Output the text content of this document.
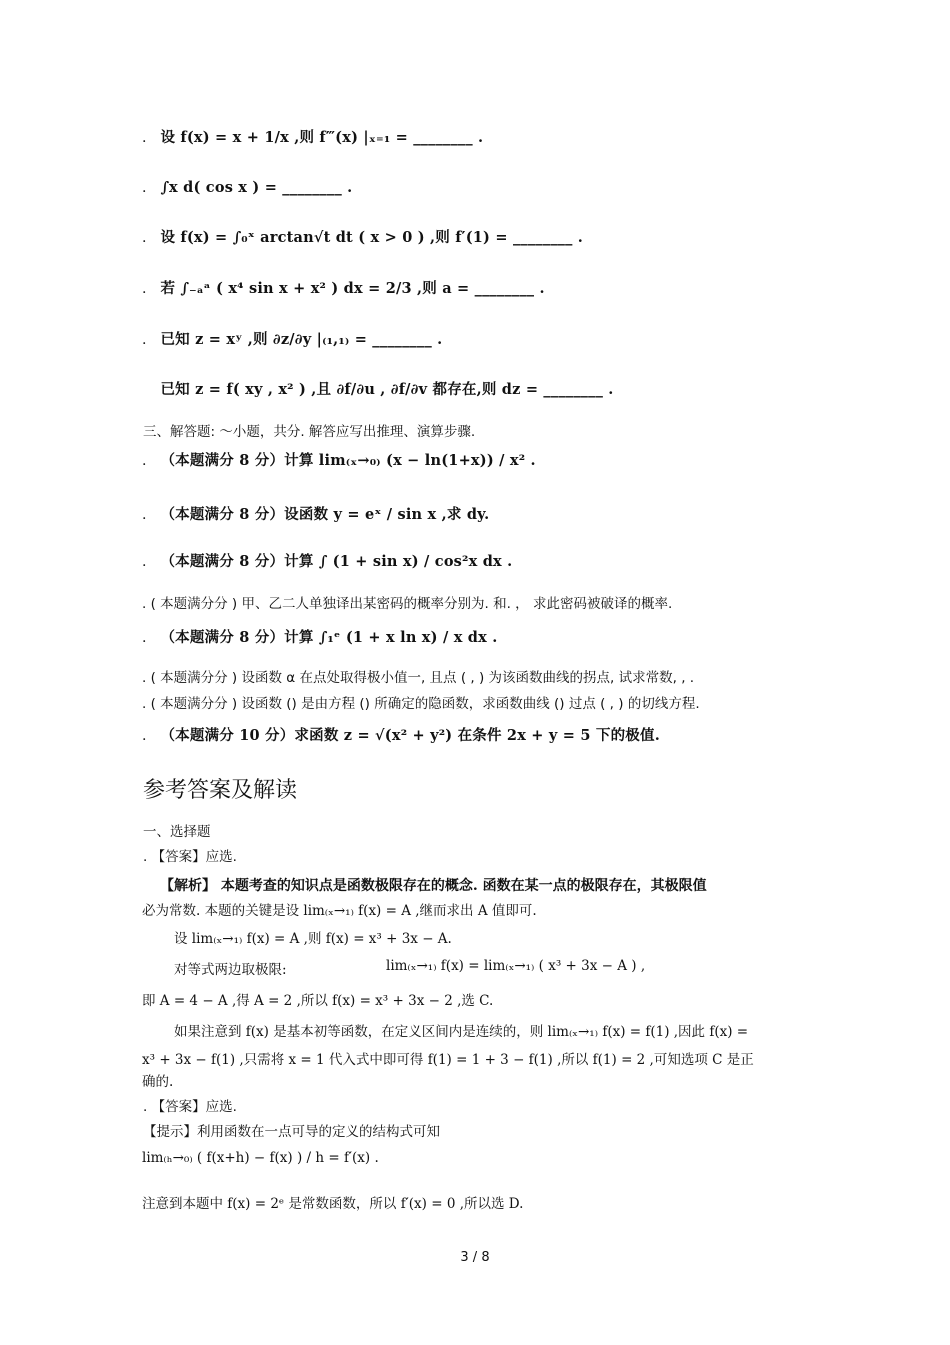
. 设 f(x) = x + 1/x ,则 f‴(x) |ₓ₌₁ = ________ .
. ∫x d( cos x ) = ________ .
. 设 f(x) = ∫₀ˣ arctan√t dt ( x > 0 ) ,则 f′(1) = ________ .
. 若 ∫₋ₐᵃ ( x⁴ sin x + x² ) dx = 2/3 ,则 a = ________ .
. 已知 z = xʸ ,则 ∂z/∂y |₍₁,₁₎ = ________ .
已知 z = f( xy , x² ) ,且 ∂f/∂u , ∂f/∂v 都存在,则 dz = ________ .
三、解答题: ～小题，共分. 解答应写出推理、演算步骤.
. （本题满分 8 分）计算 lim₍ₓ→₀₎ (x − ln(1+x)) / x² .
. （本题满分 8 分）设函数 y = eˣ / sin x ,求 dy.
. （本题满分 8 分）计算 ∫ (1 + sin x) / cos²x dx .
. ( 本题满分分 ) 甲、乙二人单独译出某密码的概率分别为. 和. ， 求此密码被破译的概率.
. （本题满分 8 分）计算 ∫₁ᵉ (1 + x ln x) / x dx .
. ( 本题满分分 ) 设函数 α 在点处取得极小值一, 且点 ( , ) 为该函数曲线的拐点, 试求常数, , .
. ( 本题满分分 ) 设函数 () 是由方程 () 所确定的隐函数，求函数曲线 () 过点 ( , ) 的切线方程.
. （本题满分 10 分）求函数 z = √(x² + y²) 在条件 2x + y = 5 下的极值.
参考答案及解读
一、选择题
. 【答案】应选.
【解析】 本题考查的知识点是函数极限存在的概念. 函数在某一点的极限存在，其极限值
必为常数. 本题的关键是设 lim₍ₓ→₁₎ f(x) = A ,继而求出 A 值即可.
设 lim₍ₓ→₁₎ f(x) = A ,则 f(x) = x³ + 3x − A.
对等式两边取极限:	lim₍ₓ→₁₎ f(x) = lim₍ₓ→₁₎ ( x³ + 3x − A ) ,
即 A = 4 − A ,得 A = 2 ,所以 f(x) = x³ + 3x − 2 ,选 C.
如果注意到 f(x) 是基本初等函数，在定义区间内是连续的，则 lim₍ₓ→₁₎ f(x) = f(1) ,因此 f(x) =
x³ + 3x − f(1) ,只需将 x = 1 代入式中即可得 f(1) = 1 + 3 − f(1) ,所以 f(1) = 2 ,可知选项 C 是正
确的.
. 【答案】应选.
【提示】利用函数在一点可导的定义的结构式可知
lim₍ₕ→₀₎ ( f(x+h) − f(x) ) / h = f′(x) .
注意到本题中 f(x) = 2ᵉ 是常数函数，所以 f′(x) = 0 ,所以选 D.
3 / 8
